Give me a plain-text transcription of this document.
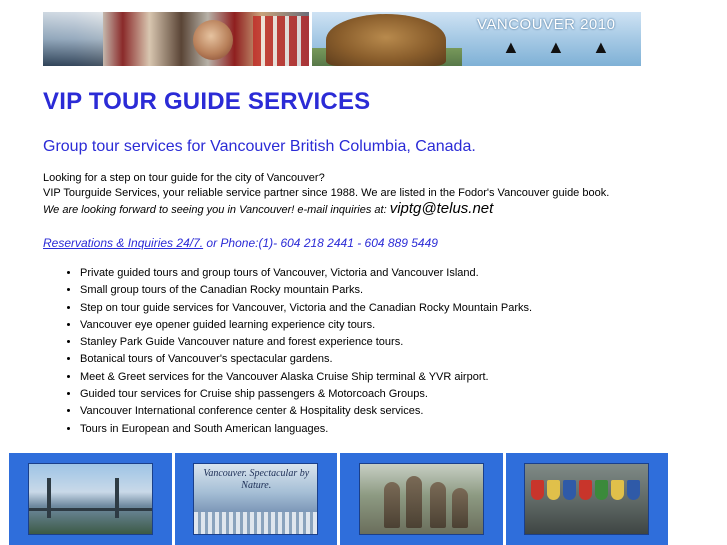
VANCOUVER 2010
▲ ▲ ▲
VIP TOUR GUIDE SERVICES
Group tour services for Vancouver British Columbia, Canada.
Looking for a step on tour guide for the city of Vancouver?
VIP Tourguide Services, your reliable service partner since 1988. We are listed in the Fodor's Vancouver guide book.
We are looking forward to seeing you in Vancouver! e-mail inquiries at: viptg@telus.net
Reservations & Inquiries 24/7. or Phone:(1)- 604 218 2441 - 604 889 5449
• Private guided tours and group tours of Vancouver, Victoria and Vancouver Island.
• Small group tours of the Canadian Rocky mountain Parks.
• Step on tour guide services for Vancouver, Victoria and the Canadian Rocky Mountain Parks.
• Vancouver eye opener guided learning experience city tours.
• Stanley Park Guide Vancouver nature and forest experience tours.
• Botanical tours of Vancouver's spectacular gardens.
• Meet & Greet services for the Vancouver Alaska Cruise Ship terminal & YVR airport.
• Guided tour services for Cruise ship passengers & Motorcoach Groups.
• Vancouver International conference center & Hospitality desk services.
• Tours in European and South American languages.
Vancouver. Spectacular by Nature.
